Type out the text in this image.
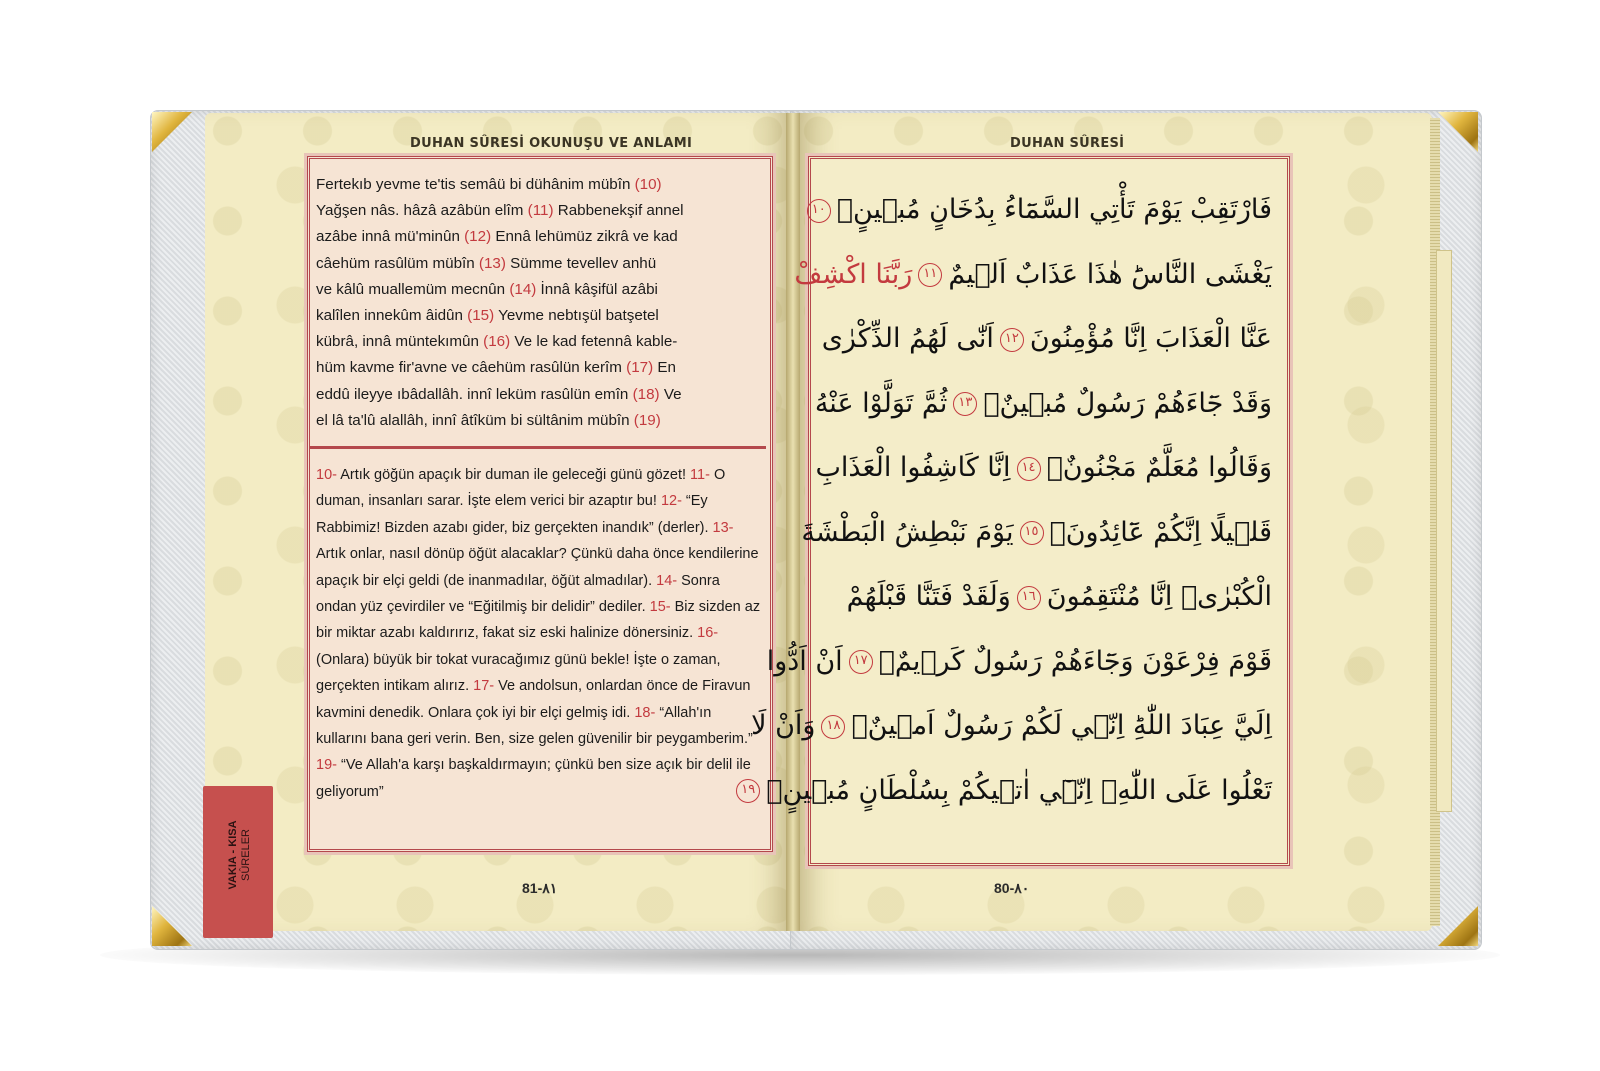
DUHAN SÛRESİ OKUNUŞU VE ANLAMI	DUHAN SÛRESİ
Fertekıb yevme te'tis semâü bi dühânim mübîn (10)
Yağşen nâs. hâzâ azâbün elîm (11) Rabbenekşif annel
azâbe innâ mü'minûn (12) Ennâ lehümüz zikrâ ve kad
câehüm rasûlüm mübîn (13) Sümme tevellev anhü
ve kâlû muallemüm mecnûn (14) İnnâ kâşifül azâbi
kalîlen innekûm âidûn (15) Yevme nebtışül batşetel
kübrâ, innâ müntekımûn (16) Ve le kad fetennâ kable-
hüm kavme fir'avne ve câehüm rasûlün kerîm (17) En
eddû ileyye ıbâdallâh. innî leküm rasûlün emîn (18) Ve
el lâ ta'lû alallâh, innî âtîküm bi sültânim mübîn (19)
10- Artık göğün apaçık bir duman ile geleceği günü gözet! 11- O duman, insanları sarar. İşte elem verici bir azaptır bu! 12- “Ey Rabbimiz! Bizden azabı gider, biz gerçekten inandık” (derler). 13- Artık onlar, nasıl dönüp öğüt alacaklar? Çünkü daha önce kendilerine apaçık bir elçi geldi (de inanmadılar, öğüt almadılar). 14- Sonra ondan yüz çevirdiler ve “Eğitilmiş bir delidir” dediler. 15- Biz sizden az bir miktar azabı kaldırırız, fakat siz eski halinize dönersiniz. 16- (Onlara) büyük bir tokat vuracağımız günü bekle! İşte o zaman, gerçekten intikam alırız. 17- Ve andolsun, onlardan önce de Firavun kavmini denedik. Onlara çok iyi bir elçi gelmiş idi. 18- “Allah'ın kullarını bana geri verin. Ben, size gelen güvenilir bir peygamberim.” 19- “Ve Allah'a karşı başkaldırmayın; çünkü ben size açık bir delil ile geliyorum”
فَارْتَقِبْ يَوْمَ تَأْتِي السَّمَٓاءُ بِدُخَانٍ مُب۪ينٍۙ١٠
يَغْشَى النَّاسَؕ هٰذَا عَذَابٌ اَل۪يمٌ١١رَبَّنَا اكْشِفْ
عَنَّا الْعَذَابَ اِنَّا مُؤْمِنُونَ١٢اَنّٰى لَهُمُ الذِّكْرٰى
وَقَدْ جَٓاءَهُمْ رَسُولٌ مُب۪ينٌۙ١٣ثُمَّ تَوَلَّوْا عَنْهُ
وَقَالُوا مُعَلَّمٌ مَجْنُونٌۢ١٤اِنَّا كَاشِفُوا الْعَذَابِ
قَل۪يلًا اِنَّكُمْ عَٓائِدُونَۢ١٥يَوْمَ نَبْطِشُ الْبَطْشَةَ
الْكُبْرٰىۚ اِنَّا مُنْتَقِمُونَ١٦وَلَقَدْ فَتَنَّا قَبْلَهُمْ
قَوْمَ فِرْعَوْنَ وَجَٓاءَهُمْ رَسُولٌ كَر۪يمٌۙ١٧اَنْ اَدُّوا
اِلَيَّ عِبَادَ اللّٰهِؕ اِنّ۪ي لَكُمْ رَسُولٌ اَم۪ينٌۙ١٨وَاَنْ لَا
تَعْلُوا عَلَى اللّٰهِۚ اِنّ۪ٓي اٰت۪يكُمْ بِسُلْطَانٍ مُب۪ينٍۚ١٩
VAKIA - KISA SÛRELER
81-٨١	80-٨٠
